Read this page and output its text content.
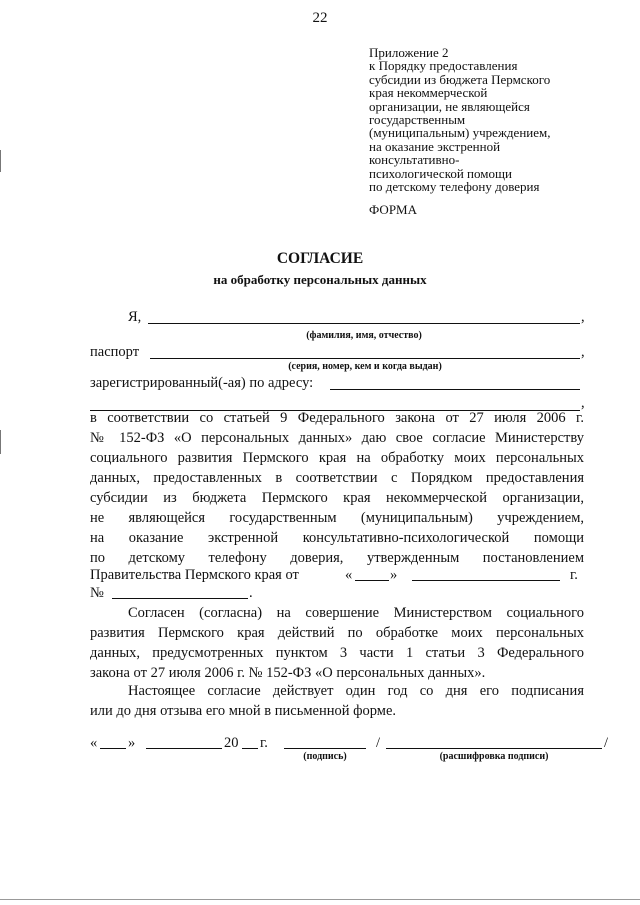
22
Приложение 2
к Порядку предоставления
субсидии из бюджета Пермского
края некоммерческой
организации, не являющейся
государственным
(муниципальным) учреждением,
на оказание экстренной
консультативно-
психологической помощи
по детскому телефону доверия
ФОРМА
СОГЛАСИЕ
на обработку персональных данных
Я,	,
(фамилия, имя, отчество)
паспорт	,
(серия, номер, кем и когда выдан)
зарегистрированный(-ая) по адресу:
,
в соответствии со статьей 9 Федерального закона от 27 июля 2006 г.
№ 152-ФЗ «О персональных данных» даю свое согласие Министерству
социального развития Пермского края на обработку моих персональных
данных, предоставленных в соответствии с Порядком предоставления
субсидии из бюджета Пермского края некоммерческой организации,
не являющейся государственным (муниципальным) учреждением,
на оказание экстренной консультативно-психологической помощи
по детскому телефону доверия, утвержденным постановлением
Правительства Пермского края от	«	»	г.
№	.
Согласен (согласна) на совершение Министерством социального
развития Пермского края действий по обработке моих персональных
данных, предусмотренных пунктом 3 части 1 статьи 3 Федерального
закона от 27 июля 2006 г. № 152-ФЗ «О персональных данных».
Настоящее согласие действует один год со дня его подписания
или до дня отзыва его мной в письменной форме.
« »	20 г.	/	/
(подпись)	(расшифровка подписи)
